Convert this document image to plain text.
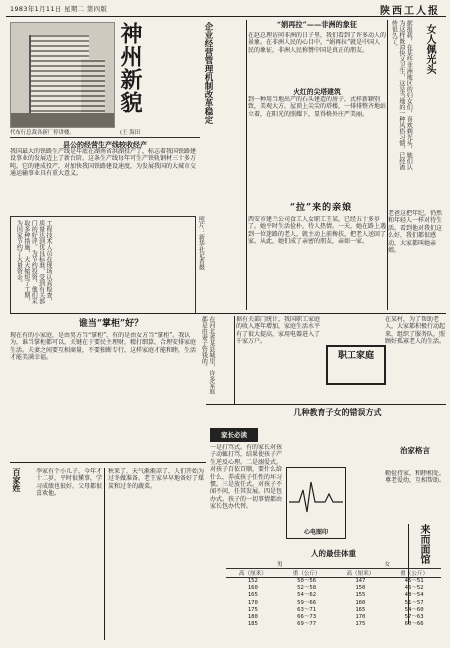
1983年1月11日 星期二 第四版	陕西工人报
代布行总裁各新厂停讲楼。	(王 海田
神州新貌	企业经营管理机制改革稳定
县公的经营生产线较收经产

我国最大的铁路生产线是年底在湖南省洪湖投产了，标志着我国铁路建设事业的发展迈上了新台阶。这条生产线每年可生产铁轨钢材三十多万吨。它的建成投产，对加快我国铁路建设速度，为发展我国的大城市交通运输事业具有重大意义。

工程技术人员在现场认真检查，质量达到优良标准，受到有关部门的好评。为节约投资，他们采取多种措施，大大缩短了工期，为国家节约了大量资金。	照片：新华社记者摄

“娟再拉”——非洲的象征

在赵总理访问非洲的日子里，我们看到了许多动人的景象。在非洲人民的心目中，“娟再拉”就是中国人民的象征，非洲人民称赞中国是真正的朋友。

火红的尖塔建筑

到一种用当地出产的石头建造的房子，式样新颖别致，美观大方，屋顶上尖尖的塔楼，一排排整齐地站立着，在阳光的照耀下，显得格外庄严美丽。	据报载，在某些非洲地区的妇女们，喜欢剃光头，她们认为这样既凉快又卫生，这是当地的一种风俗习惯，已经流传很久了。	女人佩光头
“拉”来的亲娘

西安市建兰公司食工人女职工王某，已经五十多岁了。她平时生活俭朴，待人热情。一天，她在路上遇到一位迷路的老人，就主动上前搀扶，把老人送回了家。从此，她们成了亲密的朋友，亲如一家。

老爸这把年纪，仍然和年轻人一样对待生活。看到他对我们这么好，我们都很感动，大家都叫她亲娘。

谁当“掌柜”好？

现在有的小家庭，是由男方当“掌柜”，有的是由女方当“掌柜”。我认为，谁当掌柜都可以，关键在于要民主理财，精打细算，合理安排家庭生活。夫妻之间要互相商量，不要独断专行，这样家庭才能和睦，生活才能美满幸福。	在河北省某县城里，许多家庭都是由妻子管钱的。	据有关部门统计，我国职工家庭的收入逐年增加，家庭生活水平有了很大提高，家用电器进入了千家万户。

职工家庭

在某村，为了帮助老人，大家都积极行动起来，组织了服务队，照顾好孤寡老人的生活。

几种教育子女的错误方式
家长必读

一是打骂式。有的家长对孩子动辄打骂，结果使孩子产生逆反心理。二是溺爱式。对孩子百依百顺，要什么给什么，养成孩子任性的坏习惯。三是放任式。对孩子不闻不问，任其发展。四是包办式。孩子的一切事情都由家长包办代替。

心电图印
治家格言

勤俭持家，和睦相处，尊老爱幼，互相帮助。

来而面馆
百家姓 李家有个小儿子，今年才十二岁，平时很懂事，学习成绩也很好，父母都很喜欢他。

秋来了，天气渐渐凉了，人们开始为过冬做准备。老王家早早地备好了煤炭和过冬的蔬菜。

人的最佳体重
男		女	
高（厘米）	重（公斤）	高（厘米）	重（公斤）
152	50～56	147	45～51
160	52～58	150	46～52
165	54～62	155	48～54
170	59～66	160	51～57
175	63～71	165	54～60
180	66～73	170	57～63
185	69～77	175	60～66
